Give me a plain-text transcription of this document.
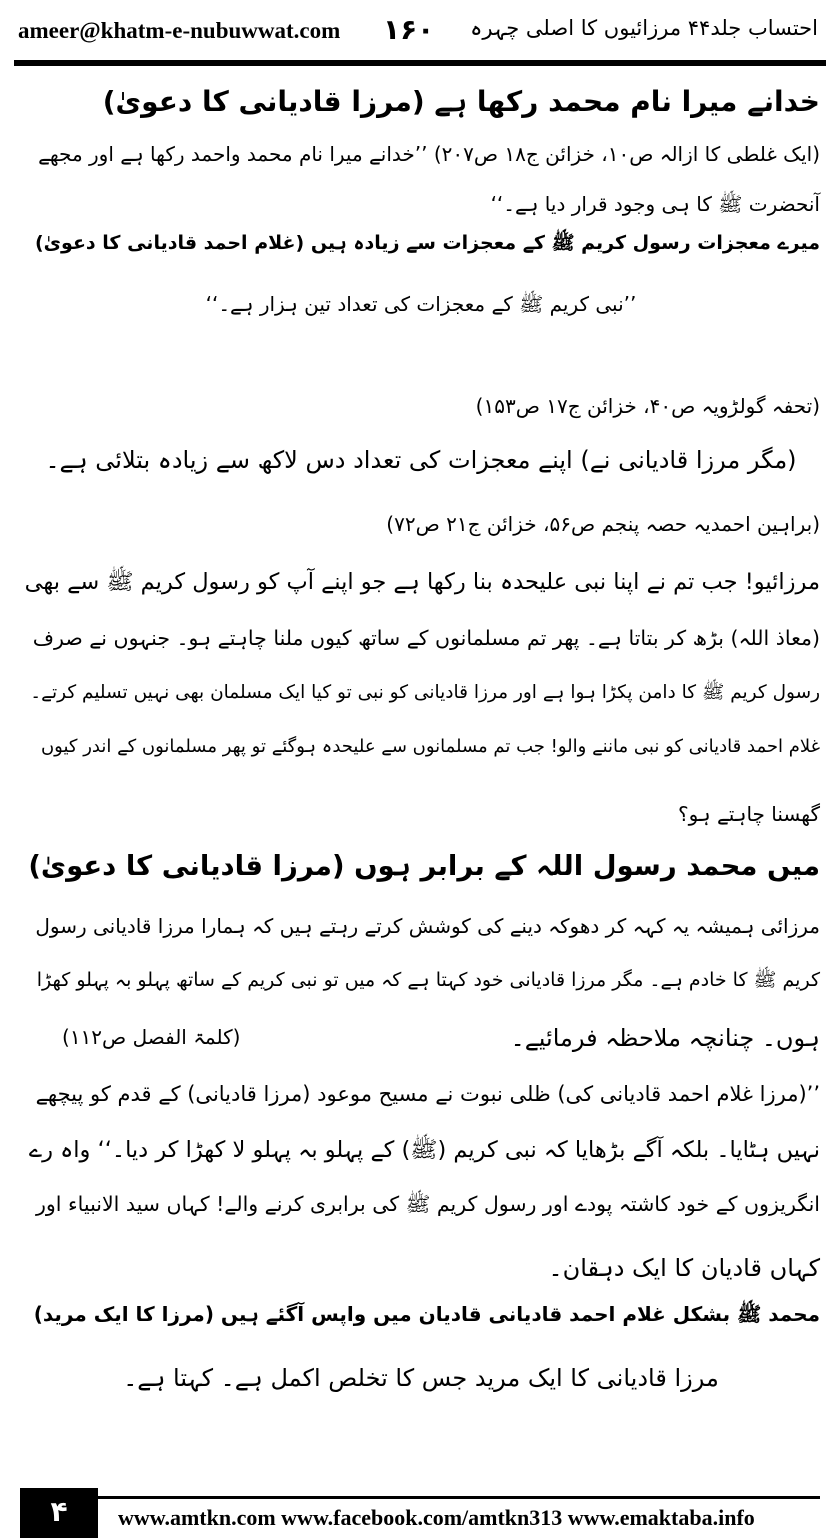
ameer@khatm-e-nubuwwat.com ۱۶۰ احتساب جلد۴۴ مرزائیوں کا اصلی چہرہ
خدانے میرا نام محمد رکھا ہے (مرزا قادیانی کا دعویٰ)
(ایک غلطی کا ازالہ ص۱۰، خزائن ج۱۸ ص۲۰۷) ’’خدانے میرا نام محمد واحمد رکھا ہے اور مجھے
آنحضرت ﷺ کا ہی وجود قرار دیا ہے۔‘‘
میرے معجزات رسول کریم ﷺ کے معجزات سے زیادہ ہیں (غلام احمد قادیانی کا دعویٰ)
’’نبی کریم ﷺ کے معجزات کی تعداد تین ہزار ہے۔‘‘
(تحفہ گولڑویہ ص۴۰، خزائن ج۱۷ ص۱۵۳)
(مگر مرزا قادیانی نے) اپنے معجزات کی تعداد دس لاکھ سے زیادہ بتلائی ہے۔
(براہین احمدیہ حصہ پنجم ص۵۶، خزائن ج۲۱ ص۷۲)
مرزائیو! جب تم نے اپنا نبی علیحدہ بنا رکھا ہے جو اپنے آپ کو رسول کریم ﷺ سے بھی
(معاذ اللہ) بڑھ کر بتاتا ہے۔ پھر تم مسلمانوں کے ساتھ کیوں ملنا چاہتے ہو۔ جنہوں نے صرف
رسول کریم ﷺ کا دامن پکڑا ہوا ہے اور مرزا قادیانی کو نبی تو کیا ایک مسلمان بھی نہیں تسلیم کرتے۔
غلام احمد قادیانی کو نبی ماننے والو! جب تم مسلمانوں سے علیحدہ ہوگئے تو پھر مسلمانوں کے اندر کیوں
گھسنا چاہتے ہو؟
میں محمد رسول اللہ کے برابر ہوں (مرزا قادیانی کا دعویٰ)
مرزائی ہمیشہ یہ کہہ کر دھوکہ دینے کی کوشش کرتے رہتے ہیں کہ ہمارا مرزا قادیانی رسول
کریم ﷺ کا خادم ہے۔ مگر مرزا قادیانی خود کہتا ہے کہ میں تو نبی کریم کے ساتھ پہلو بہ پہلو کھڑا
ہوں۔ چنانچہ ملاحظہ فرمائیے۔
(کلمۃ الفصل ص۱۱۲)
’’(مرزا غلام احمد قادیانی کی) ظلی نبوت نے مسیح موعود (مرزا قادیانی) کے قدم کو پیچھے
نہیں ہٹایا۔ بلکہ آگے بڑھایا کہ نبی کریم (ﷺ) کے پہلو بہ پہلو لا کھڑا کر دیا۔‘‘ واہ رے
انگریزوں کے خود کاشتہ پودے اور رسول کریم ﷺ کی برابری کرنے والے! کہاں سید الانبیاء اور
کہاں قادیان کا ایک دہقان۔
محمد ﷺ بشکل غلام احمد قادیانی قادیان میں واپس آگئے ہیں (مرزا کا ایک مرید)
مرزا قادیانی کا ایک مرید جس کا تخلص اکمل ہے۔ کہتا ہے۔
۴	www.amtkn.com www.facebook.com/amtkn313 www.emaktaba.info
